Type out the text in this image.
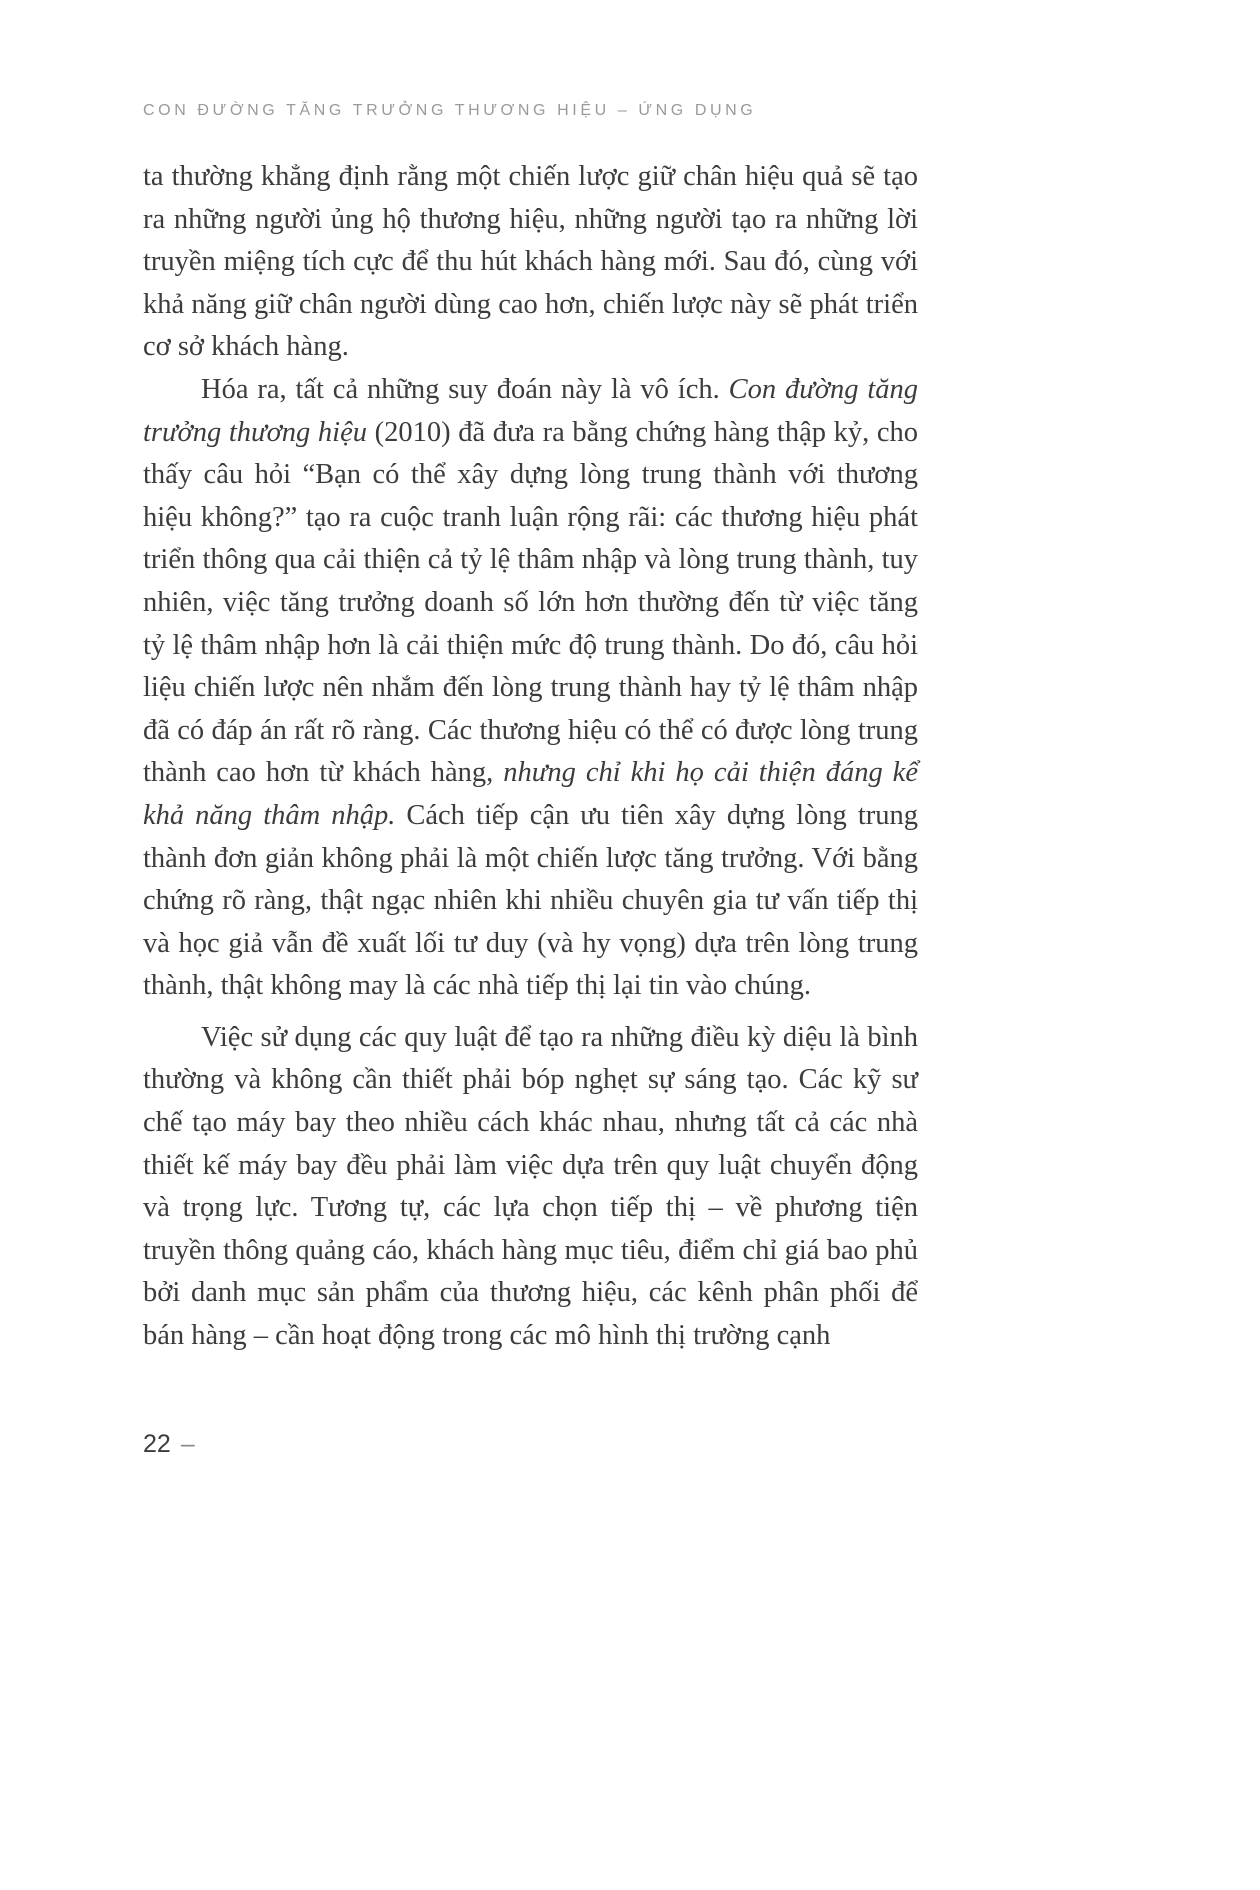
CON ĐƯỜNG TĂNG TRƯỞNG THƯƠNG HIỆU – ỨNG DỤNG

ta thường khẳng định rằng một chiến lược giữ chân hiệu quả sẽ tạo ra những người ủng hộ thương hiệu, những người tạo ra những lời truyền miệng tích cực để thu hút khách hàng mới. Sau đó, cùng với khả năng giữ chân người dùng cao hơn, chiến lược này sẽ phát triển cơ sở khách hàng.

Hóa ra, tất cả những suy đoán này là vô ích. Con đường tăng trưởng thương hiệu (2010) đã đưa ra bằng chứng hàng thập kỷ, cho thấy câu hỏi “Bạn có thể xây dựng lòng trung thành với thương hiệu không?” tạo ra cuộc tranh luận rộng rãi: các thương hiệu phát triển thông qua cải thiện cả tỷ lệ thâm nhập và lòng trung thành, tuy nhiên, việc tăng trưởng doanh số lớn hơn thường đến từ việc tăng tỷ lệ thâm nhập hơn là cải thiện mức độ trung thành. Do đó, câu hỏi liệu chiến lược nên nhắm đến lòng trung thành hay tỷ lệ thâm nhập đã có đáp án rất rõ ràng. Các thương hiệu có thể có được lòng trung thành cao hơn từ khách hàng, nhưng chỉ khi họ cải thiện đáng kể khả năng thâm nhập. Cách tiếp cận ưu tiên xây dựng lòng trung thành đơn giản không phải là một chiến lược tăng trưởng. Với bằng chứng rõ ràng, thật ngạc nhiên khi nhiều chuyên gia tư vấn tiếp thị và học giả vẫn đề xuất lối tư duy (và hy vọng) dựa trên lòng trung thành, thật không may là các nhà tiếp thị lại tin vào chúng.

Việc sử dụng các quy luật để tạo ra những điều kỳ diệu là bình thường và không cần thiết phải bóp nghẹt sự sáng tạo. Các kỹ sư chế tạo máy bay theo nhiều cách khác nhau, nhưng tất cả các nhà thiết kế máy bay đều phải làm việc dựa trên quy luật chuyển động và trọng lực. Tương tự, các lựa chọn tiếp thị – về phương tiện truyền thông quảng cáo, khách hàng mục tiêu, điểm chỉ giá bao phủ bởi danh mục sản phẩm của thương hiệu, các kênh phân phối để bán hàng – cần hoạt động trong các mô hình thị trường cạnh

22 –
